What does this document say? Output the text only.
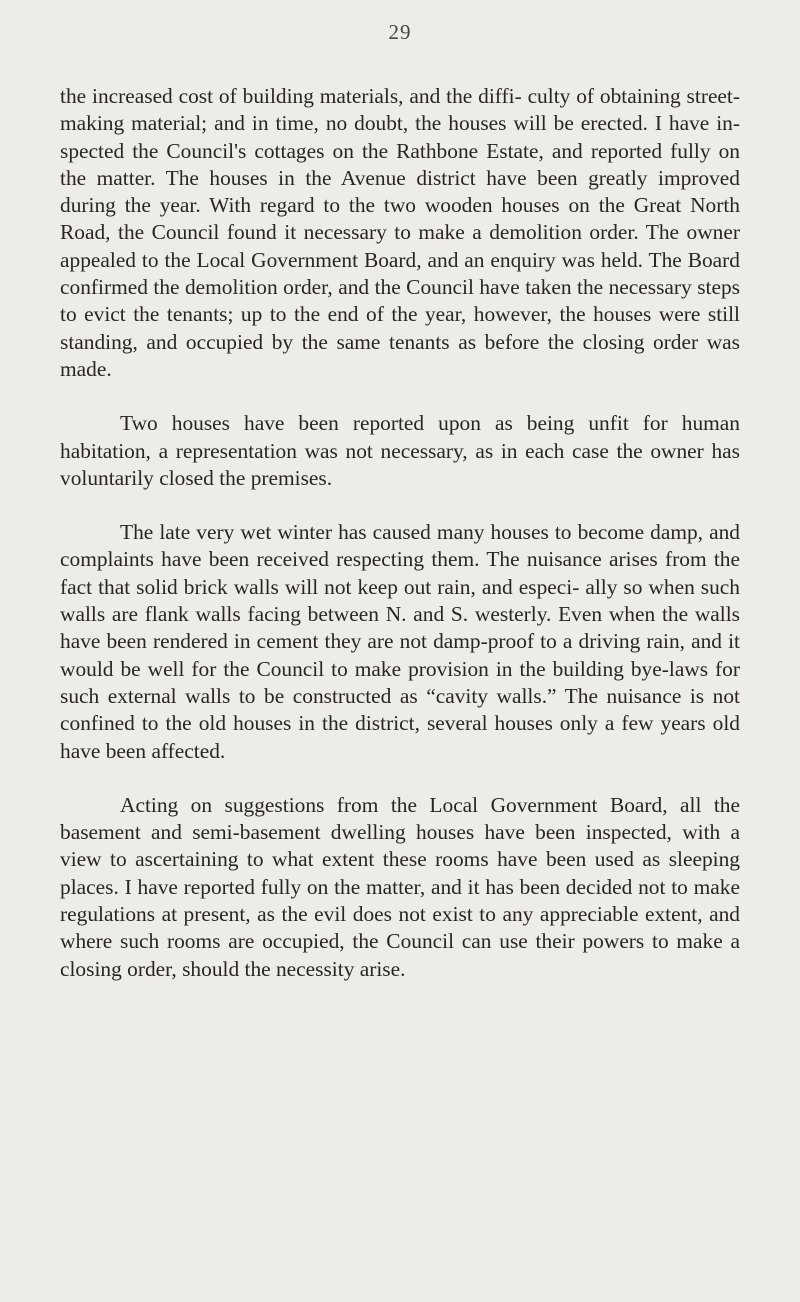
29

the increased cost of building materials, and the diffi- culty of obtaining street-making material; and in time, no doubt, the houses will be erected. I have in- spected the Council's cottages on the Rathbone Estate, and reported fully on the matter. The houses in the Avenue district have been greatly improved during the year. With regard to the two wooden houses on the Great North Road, the Council found it necessary to make a demolition order. The owner appealed to the Local Government Board, and an enquiry was held. The Board confirmed the demolition order, and the Council have taken the necessary steps to evict the tenants; up to the end of the year, however, the houses were still standing, and occupied by the same tenants as before the closing order was made.

Two houses have been reported upon as being unfit for human habitation, a representation was not necessary, as in each case the owner has voluntarily closed the premises.

The late very wet winter has caused many houses to become damp, and complaints have been received respecting them. The nuisance arises from the fact that solid brick walls will not keep out rain, and especi- ally so when such walls are flank walls facing between N. and S. westerly. Even when the walls have been rendered in cement they are not damp-proof to a driving rain, and it would be well for the Council to make provision in the building bye-laws for such external walls to be constructed as “cavity walls.” The nuisance is not confined to the old houses in the district, several houses only a few years old have been affected.

Acting on suggestions from the Local Government Board, all the basement and semi-basement dwelling houses have been inspected, with a view to ascertaining to what extent these rooms have been used as sleeping places. I have reported fully on the matter, and it has been decided not to make regulations at present, as the evil does not exist to any appreciable extent, and where such rooms are occupied, the Council can use their powers to make a closing order, should the necessity arise.
